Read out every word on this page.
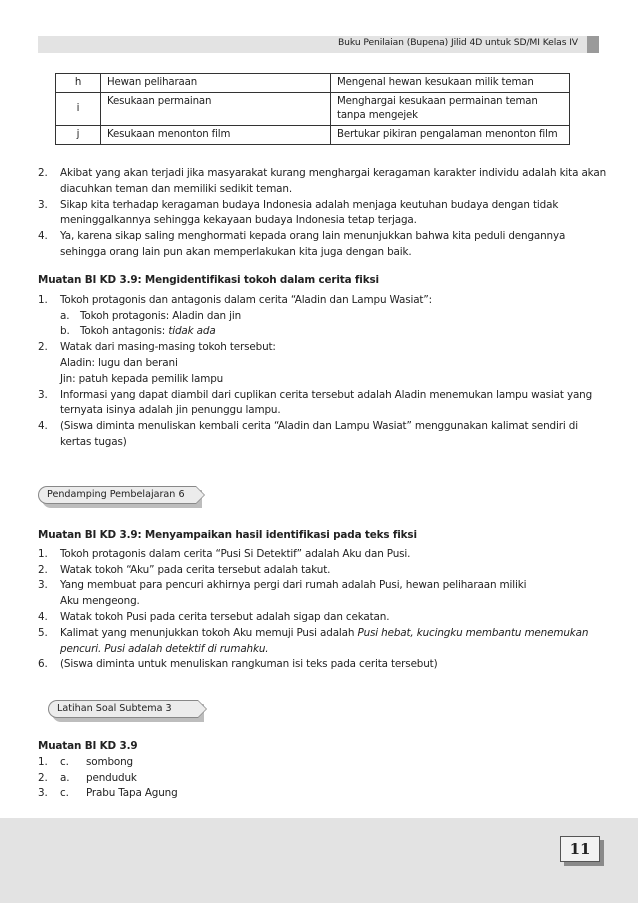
Buku Penilaian (Bupena) Jilid 4D untuk SD/MI Kelas IV
h	Hewan peliharaan	Mengenal hewan kesukaan milik teman
i	Kesukaan permainan	Menghargai kesukaan permainan teman tanpa mengejek
j	Kesukaan menonton film	Bertukar pikiran pengalaman menonton film
2.	Akibat yang akan terjadi jika masyarakat kurang menghargai keragaman karakter individu adalah kita akan diacuhkan teman dan memiliki sedikit teman.
3.	Sikap kita terhadap keragaman budaya Indonesia adalah menjaga keutuhan budaya dengan tidak meninggalkannya sehingga kekayaan budaya Indonesia tetap terjaga.
4.	Ya, karena sikap saling menghormati kepada orang lain menunjukkan bahwa kita peduli dengannya sehingga orang lain pun akan memperlakukan kita juga dengan baik.
Muatan BI KD 3.9: Mengidentifikasi tokoh dalam cerita fiksi
1.	Tokoh protagonis dan antagonis dalam cerita “Aladin dan Lampu Wasiat”:
a.	Tokoh protagonis: Aladin dan jin
b. Tokoh antagonis: tidak ada
2.	Watak dari masing-masing tokoh tersebut:
Aladin: lugu dan berani
Jin: patuh kepada pemilik lampu
3.	Informasi yang dapat diambil dari cuplikan cerita tersebut adalah Aladin menemukan lampu wasiat yang ternyata isinya adalah jin penunggu lampu.
4.	(Siswa diminta menuliskan kembali cerita “Aladin dan Lampu Wasiat” menggunakan kalimat sendiri di kertas tugas)
Pendamping Pembelajaran 6
Muatan BI KD 3.9: Menyampaikan hasil identifikasi pada teks fiksi
1.	Tokoh protagonis dalam cerita “Pusi Si Detektif” adalah Aku dan Pusi.
2.	Watak tokoh “Aku” pada cerita tersebut adalah takut.
3.	Yang membuat para pencuri akhirnya pergi dari rumah adalah Pusi, hewan peliharaan miliki Aku mengeong.
4.	Watak tokoh Pusi pada cerita tersebut adalah sigap dan cekatan.
5.	Kalimat yang menunjukkan tokoh Aku memuji Pusi adalah Pusi hebat, kucingku membantu menemukan pencuri. Pusi adalah detektif di rumahku.
6.	(Siswa diminta untuk menuliskan rangkuman isi teks pada cerita tersebut)
Latihan Soal Subtema 3
Muatan BI KD 3.9
1.	c.	sombong
2.	a.	penduduk
3.	c.	Prabu Tapa Agung
11
